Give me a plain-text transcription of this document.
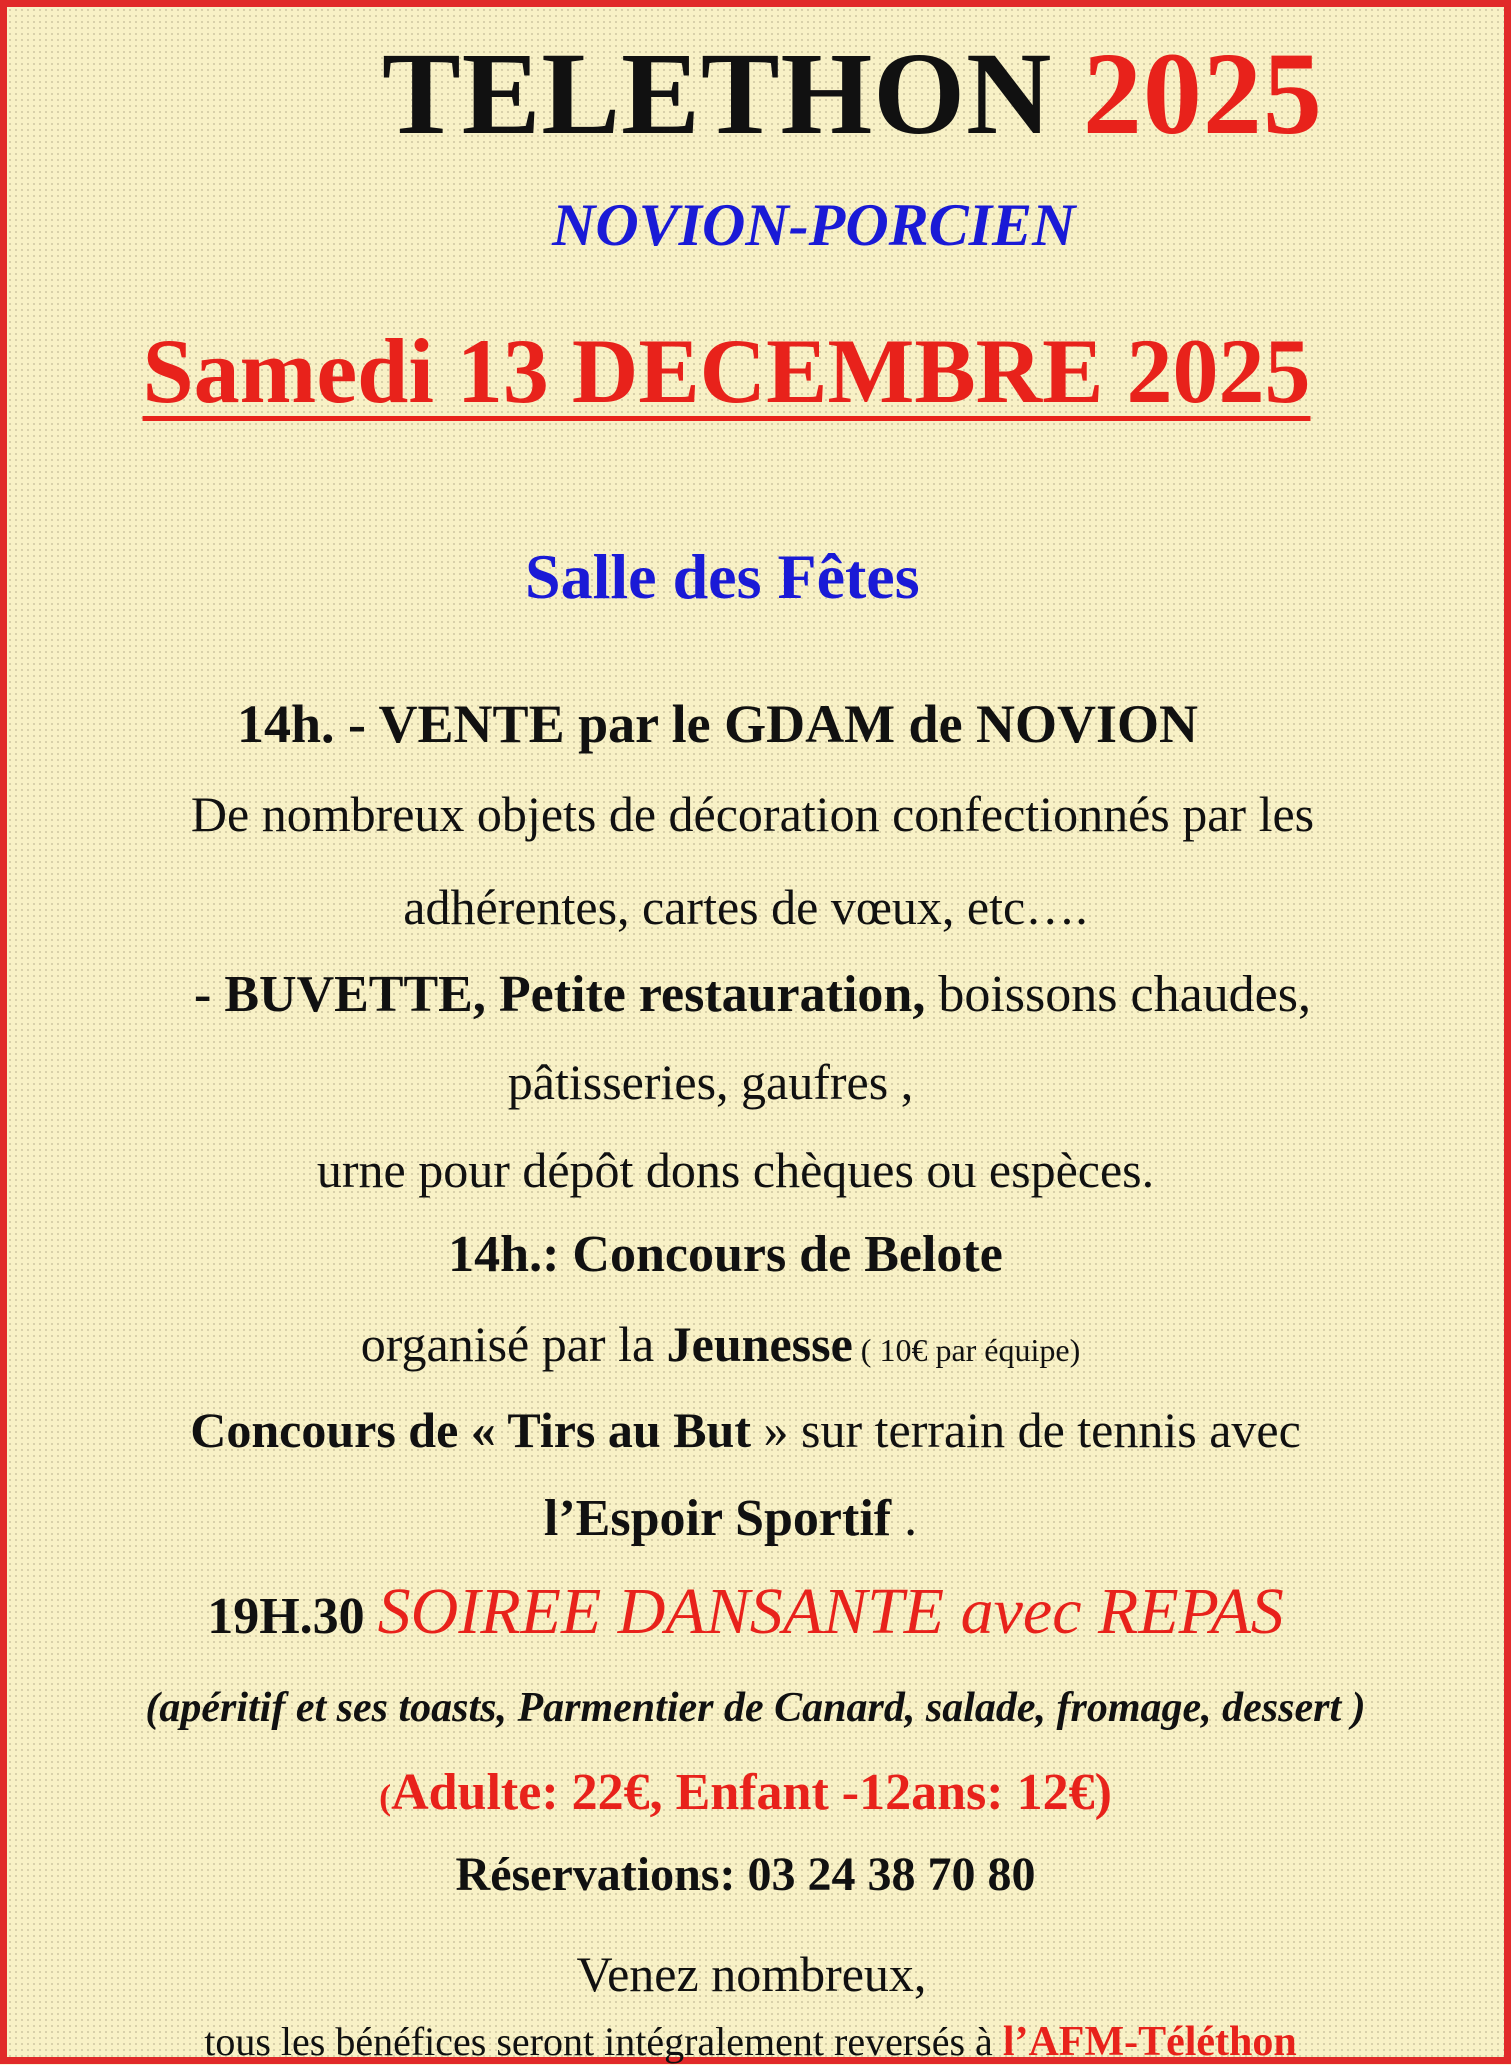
TELETHON 2025
NOVION-PORCIEN
Samedi 13 DECEMBRE 2025
Salle des Fêtes
14h. - VENTE par le GDAM de NOVION
De nombreux objets de décoration confectionnés par les
adhérentes, cartes de vœux, etc….
- BUVETTE, Petite restauration, boissons chaudes,
pâtisseries, gaufres ,
urne pour dépôt dons chèques ou espèces.
14h.: Concours de Belote
organisé par la Jeunesse ( 10€ par équipe)
Concours de « Tirs au But » sur terrain de tennis avec
l’Espoir Sportif .
19H.30 SOIREE DANSANTE avec REPAS
(apéritif et ses toasts, Parmentier de Canard, salade, fromage, dessert )
(Adulte: 22€, Enfant -12ans: 12€)
Réservations: 03 24 38 70 80
Venez nombreux,
tous les bénéfices seront intégralement reversés à l’AFM-Téléthon
